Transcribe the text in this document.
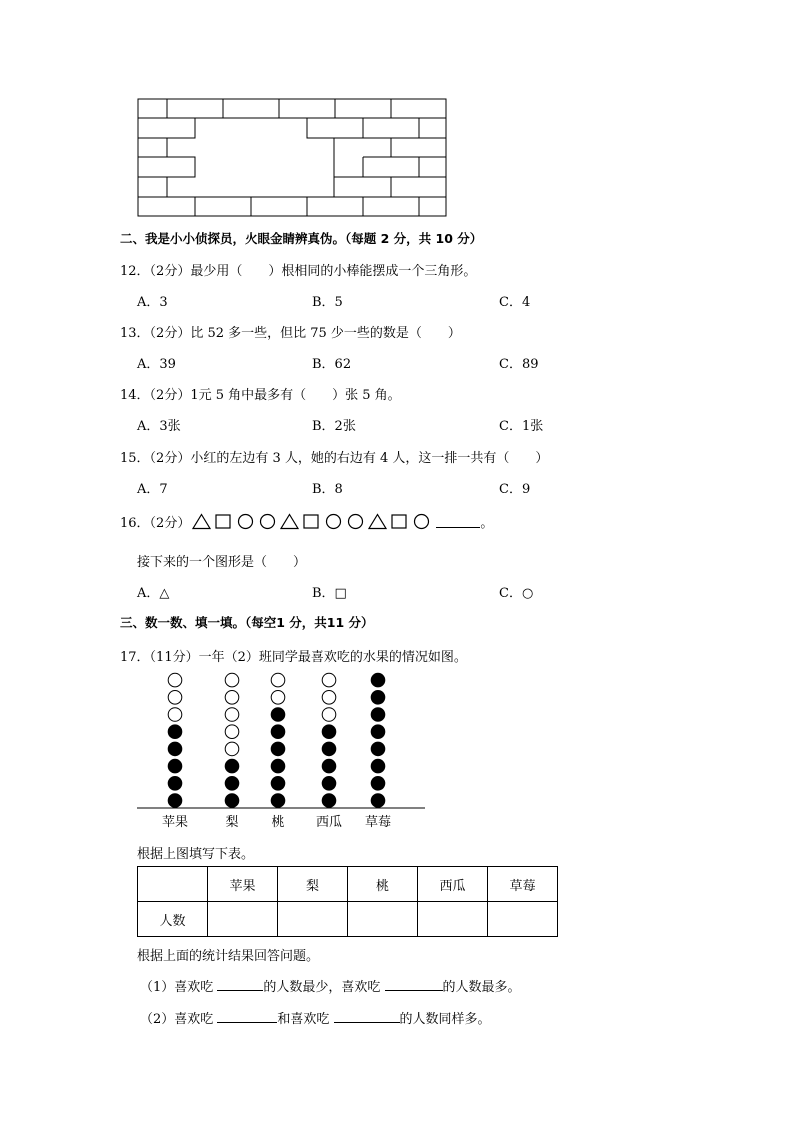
二、我是小小侦探员，火眼金睛辨真伪。（每题 2 分，共 10 分）
12．（2分）最少用（　　）根相同的小棒能摆成一个三角形。
A．3	B．5	C．4
13．（2分）比 52 多一些，但比 75 少一些的数是（　　）
A．39	B．62	C．89
14．（2分）1元 5 角中最多有（　　）张 5 角。
A．3张	B．2张	C．1张
15．（2分）小红的左边有 3 人，她的右边有 4 人，这一排一共有（　　）
A．7	B．8	C．9
16．（2分）	。
接下来的一个图形是（　　）
A．△	B．□	C．○
三、数一数、填一填。（每空1 分，共11 分）
17．（11分）一年（2）班同学最喜欢吃的水果的情况如图。
苹果	梨	桃 西瓜 草莓
根据上图填写下表。
	苹果	梨	桃	西瓜	草莓
人数					
根据上面的统计结果回答问题。
（1）喜欢吃	的人数最少，喜欢吃	的人数最多。
（2）喜欢吃	和喜欢吃	的人数同样多。
